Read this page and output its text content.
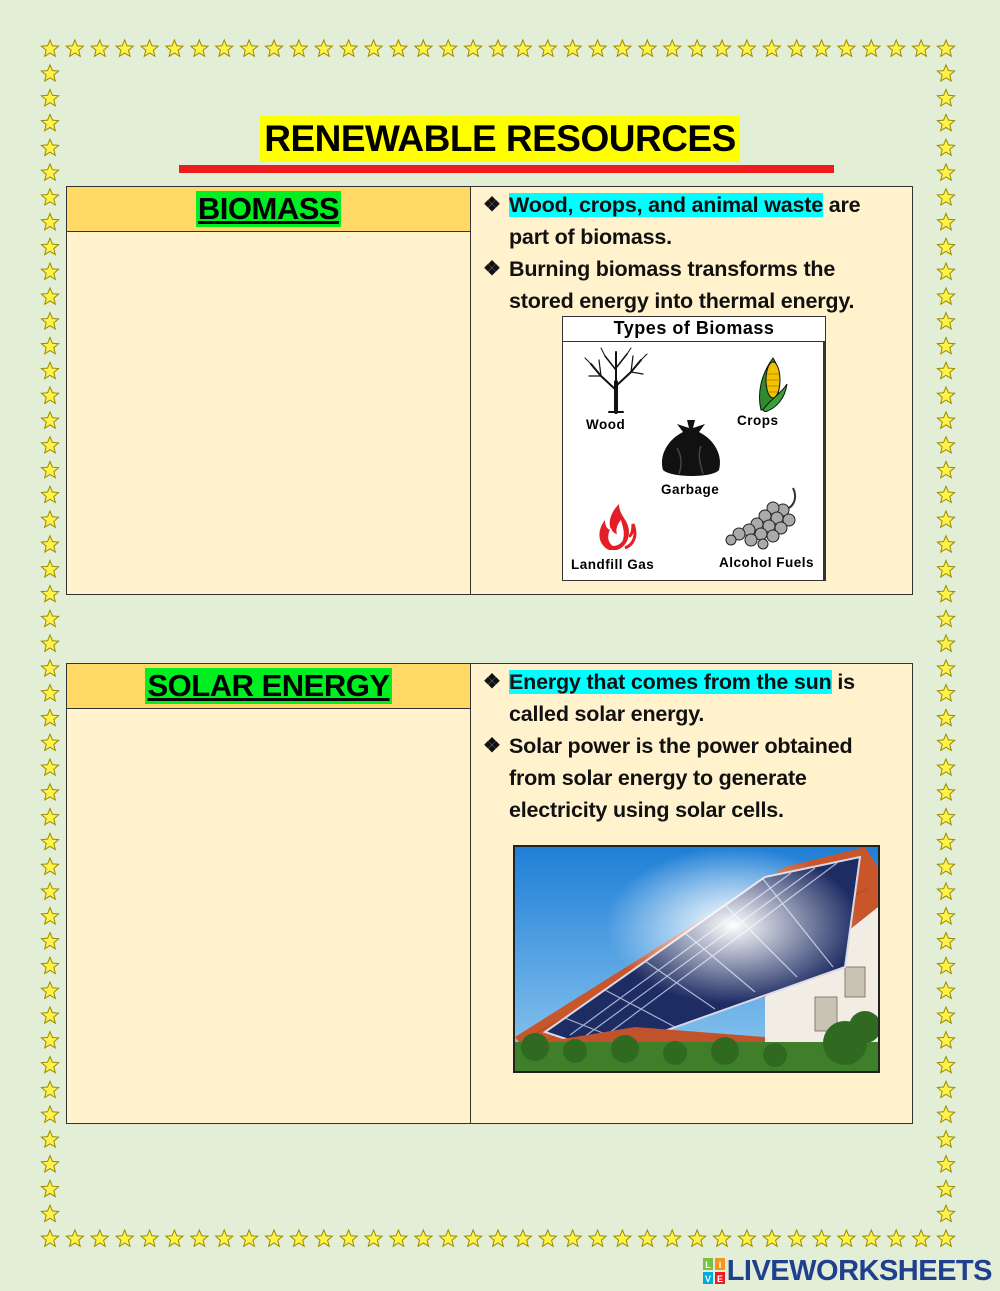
RENEWABLE RESOURCES
BIOMASS	❖ Wood, crops, and animal waste are part of biomass.
❖ Burning biomass transforms the stored energy into thermal energy.
Types of Biomass
Wood	Crops
Garbage
Landfill Gas	Alcohol Fuels
SOLAR ENERGY	❖ Energy that comes from the sun is called solar energy.
❖ Solar power is the power obtained from solar energy to generate electricity using solar cells.
L I
V E LIVEWORKSHEETS
